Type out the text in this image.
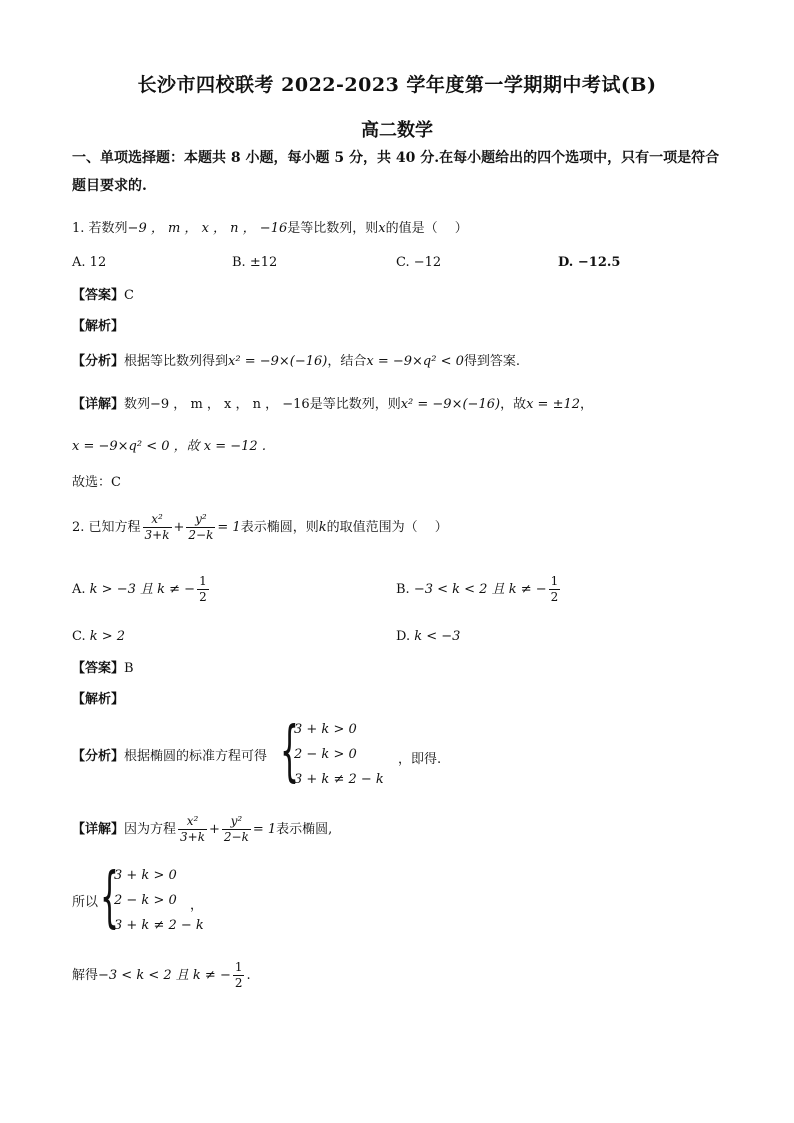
长沙市四校联考 2022-2023 学年度第一学期期中考试(B)
高二数学
一、单项选择题：本题共 8 小题，每小题 5 分，共 40 分.在每小题给出的四个选项中，只有一项是符合题目要求的.
1. 若数列−9 ， m ， x ， n ， −16是等比数列，则x的值是（　 ）
A. 12	B. ±12	C. −12	D. −12.5
【答案】C
【解析】
【分析】根据等比数列得到x² = −9×(−16)，结合x = −9×q² < 0得到答案.
【详解】数列−9 ， m ， x ， n ， −16是等比数列，则x² = −9×(−16)，故x = ±12，
x = −9×q² < 0 ，故 x = −12 .
故选：C
2. 已知方程 $\frac{\text{x²}}{3+k} + \frac{\text{y²}}{2-k} = 1$表示椭圆，则k的取值范围为（　 ）
A. k > −3 且 k ≠ − $\frac{1}{2}$	B. −3 < k < 2 且 k ≠ − $\frac{1}{2}$
C. k > 2	D. k < −3
【答案】B
【解析】
【分析】根据椭圆的标准方程可得 {
3 + k > 0
2 − k > 0
3 + k ≠ 2 − k
，即得.
【详解】因为方程 $\frac{\text{x²}}{3+k} + \frac{\text{y²}}{2-k} = 1$表示椭圆,
所以 {
3 + k > 0
2 − k > 0
3 + k ≠ 2 − k
，
解得−3 < k < 2 且 k ≠ − $\frac{1}{2}$ .
